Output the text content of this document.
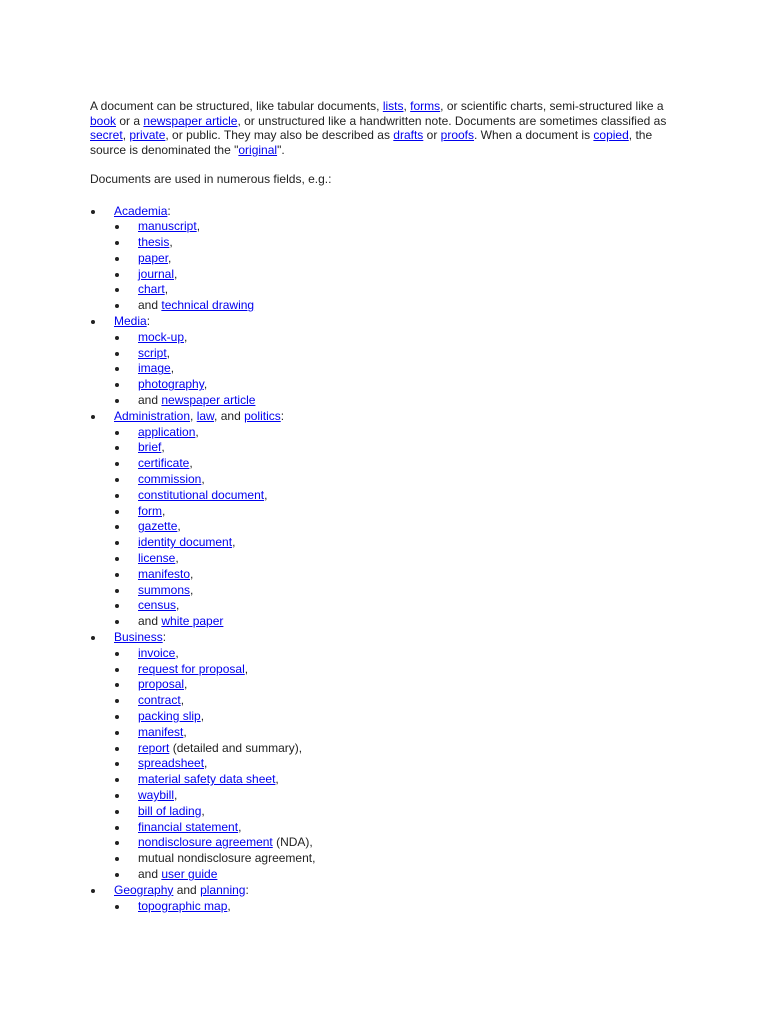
A document can be structured, like tabular documents, lists, forms, or scientific charts, semi-structured like a book or a newspaper article, or unstructured like a handwritten note. Documents are sometimes classified as secret, private, or public. They may also be described as drafts or proofs. When a document is copied, the source is denominated the "original".

Documents are used in numerous fields, e.g.:

Academia:
manuscript,
thesis,
paper,
journal,
chart,
and technical drawing
Media:
mock-up,
script,
image,
photography,
and newspaper article
Administration, law, and politics:
application,
brief,
certificate,
commission,
constitutional document,
form,
gazette,
identity document,
license,
manifesto,
summons,
census,
and white paper
Business:
invoice,
request for proposal,
proposal,
contract,
packing slip,
manifest,
report (detailed and summary),
spreadsheet,
material safety data sheet,
waybill,
bill of lading,
financial statement,
nondisclosure agreement (NDA),
mutual nondisclosure agreement,
and user guide
Geography and planning:
topographic map,
